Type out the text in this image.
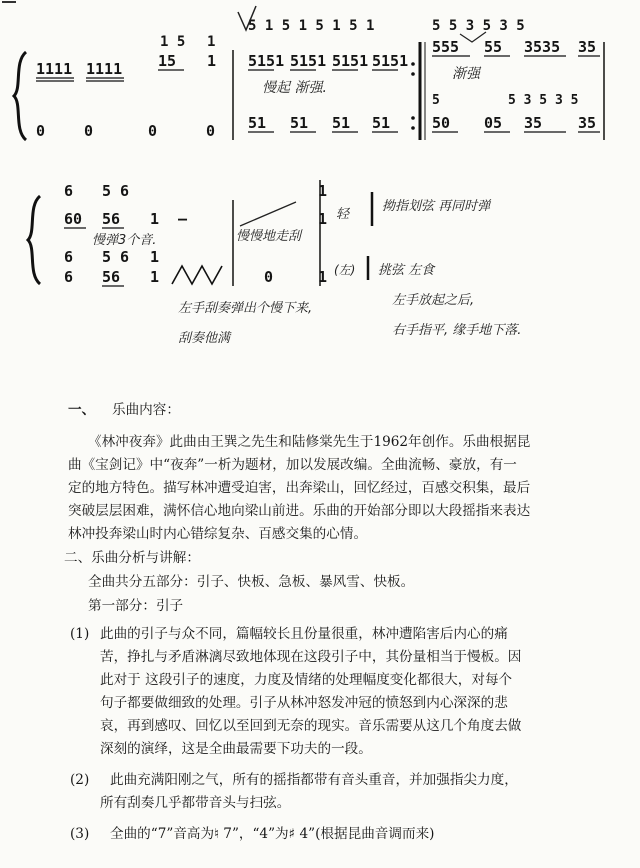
1111 1111 15 1 5151 5151 5151 5151
555 55 3535 35
1 5 1
5 1 5 1 5 1 5 1	5 5 3 5 3 5
慢起 渐强.
渐强
0	0	0	0 51 51 51 51	50 05 35 35
5	5 3 5 3 5
6 5 6
60 56 1 —
1
1
6
6
5 6
56
1
1	0	1
慢弹3个音.	慢慢地走刮
轻
拗指划弦 再同时弹
(左) 挑弦 左食
左手刮奏弹出个慢下来,
刮奏他满
左手放起之后,
右手指平, 缘手地下落.
一、 乐曲内容：
《林冲夜奔》此曲由王巽之先生和陆修棠先生于1962年创作。乐曲根据昆
曲《宝剑记》中“夜奔”一析为题材，加以发展改编。全曲流畅、豪放，有一
定的地方特色。描写林冲遭受迫害，出奔梁山，回忆经过，百感交积集，最后
突破层层困难，满怀信心地向梁山前进。乐曲的开始部分即以大段摇指来表达
林冲投奔梁山时内心错综复杂、百感交集的心情。
二、乐曲分析与讲解：
全曲共分五部分：引子、快板、急板、暴风雪、快板。
第一部分：引子
(1) 此曲的引子与众不同，篇幅较长且份量很重，林冲遭陷害后内心的痛
苦，挣扎与矛盾淋漓尽致地体现在这段引子中，其份量相当于慢板。因
此对于 这段引子的速度，力度及情绪的处理幅度变化都很大，对每个
句子都要做细致的处理。引子从林冲怒发冲冠的愤怒到内心深深的悲
哀，再到感叹、回忆以至回到无奈的现实。音乐需要从这几个角度去做
深刻的演绎，这是全曲最需要下功夫的一段。
(2) 此曲充满阳刚之气，所有的摇指都带有音头重音，并加强指尖力度，
所有刮奏几乎都带音头与扫弦。
(3) 全曲的“7”音高为♮ 7”，“4”为♯ 4”(根据昆曲音调而来)
